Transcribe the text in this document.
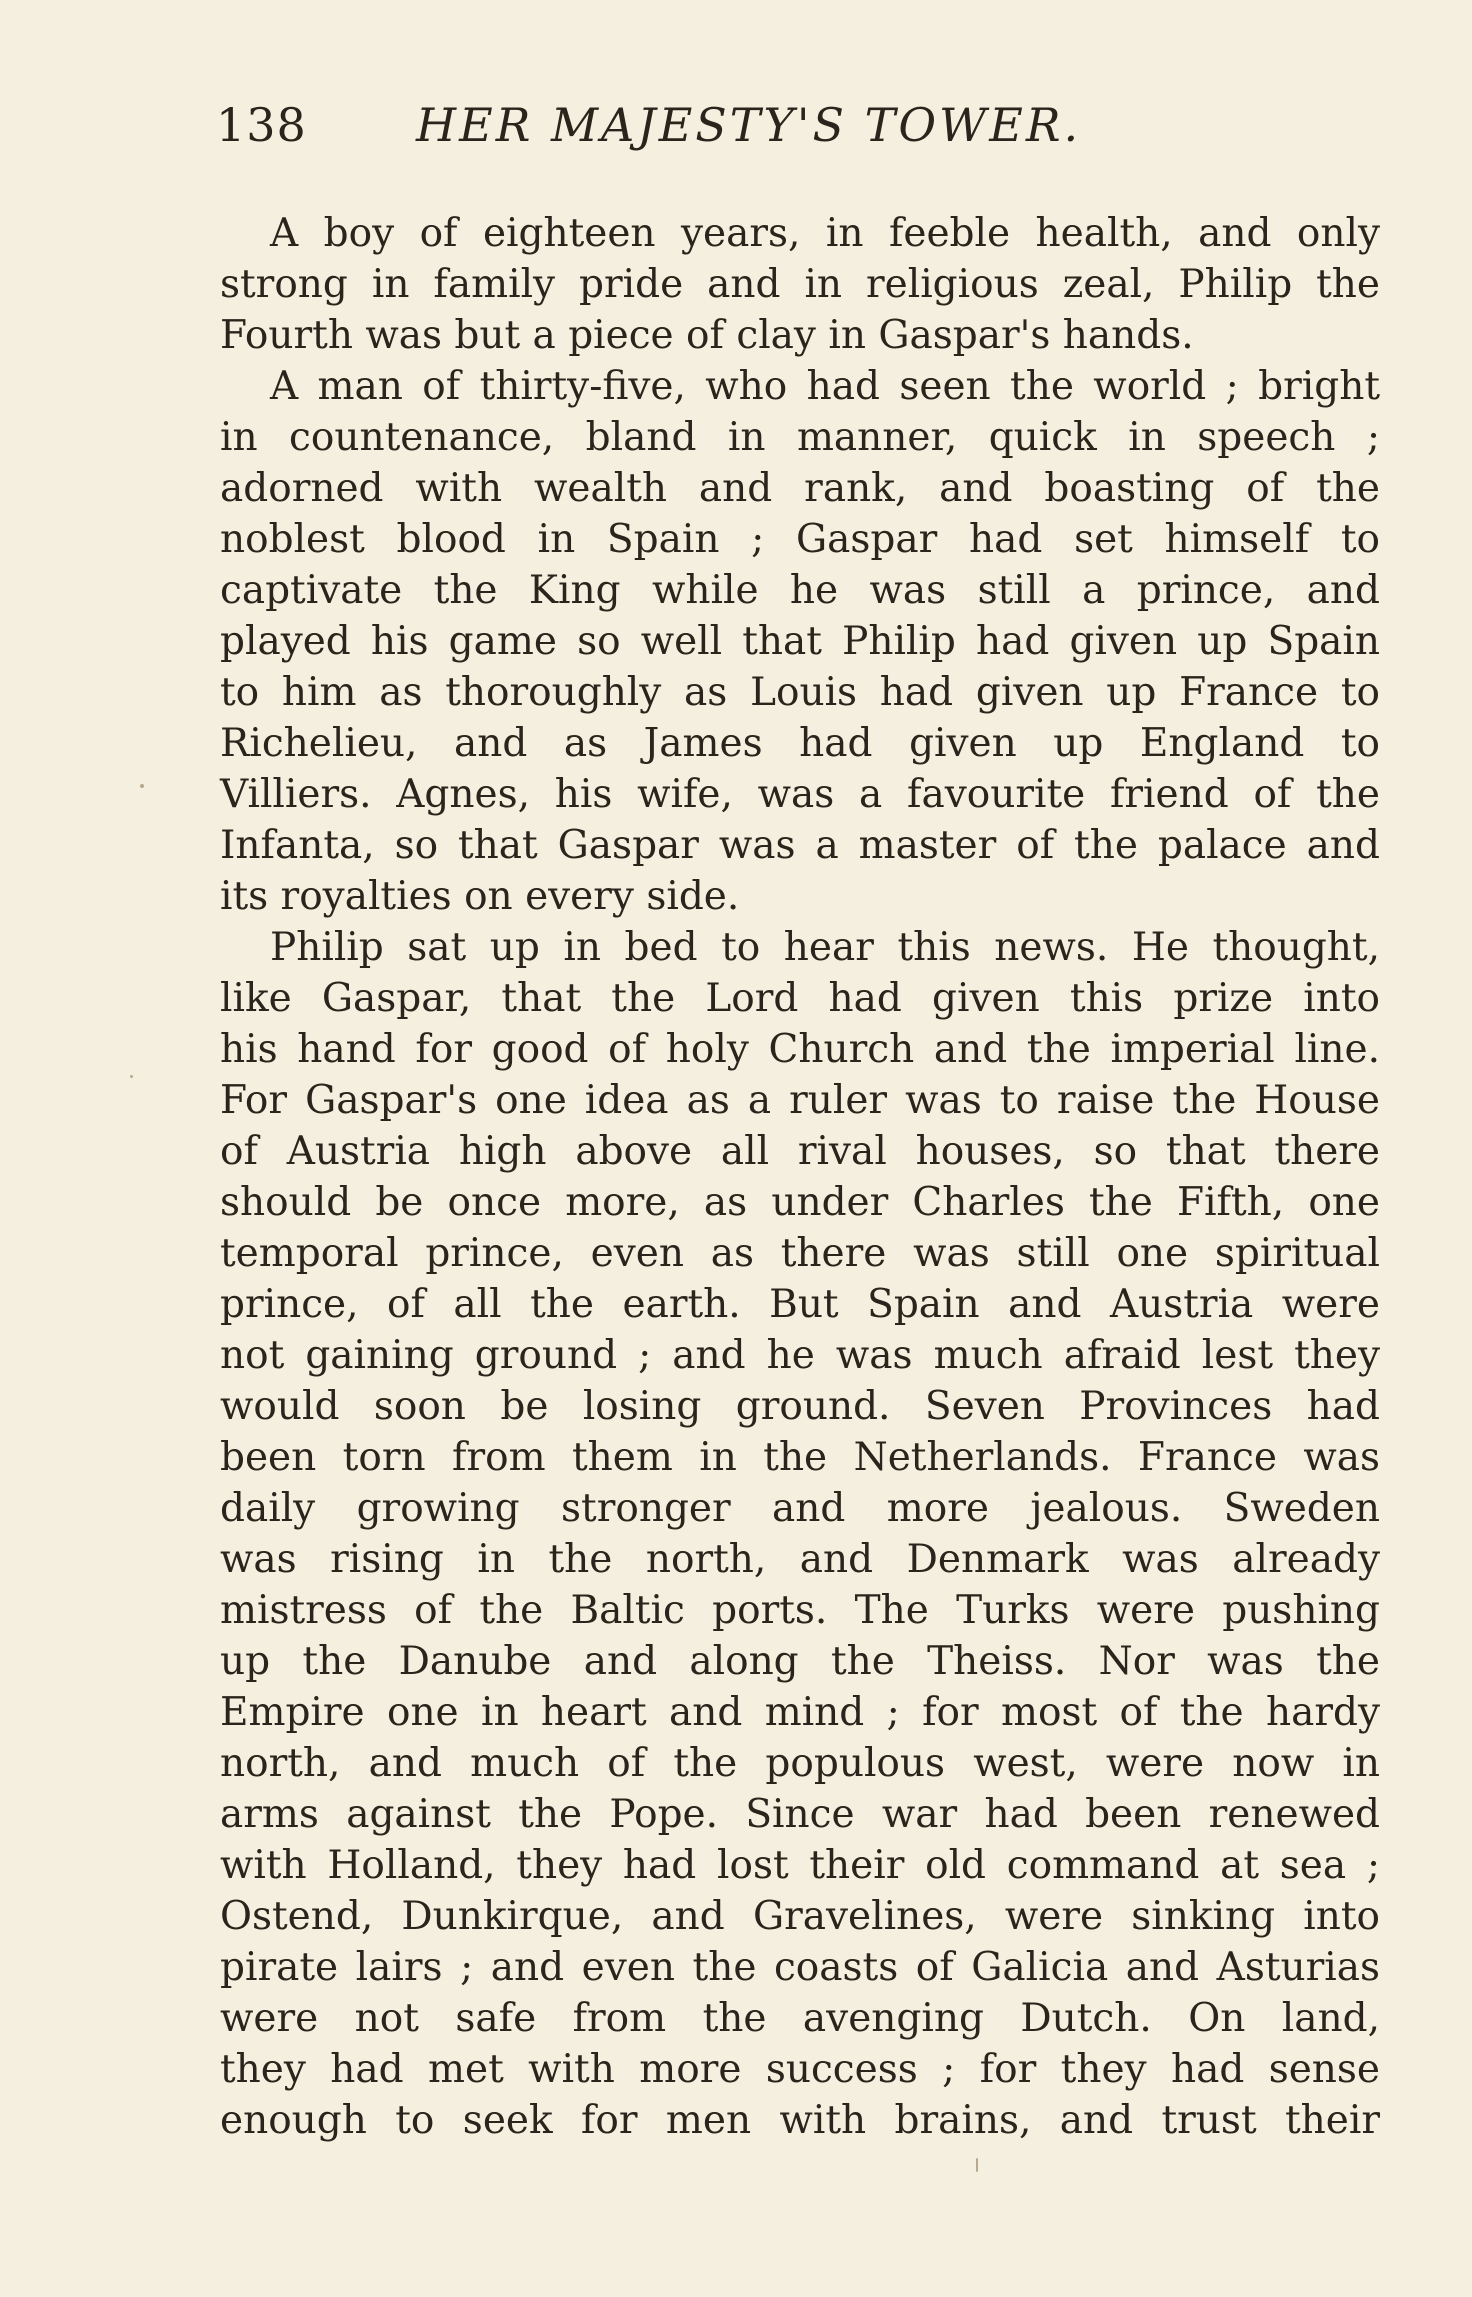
138 HER MAJESTY'S TOWER.
A boy of eighteen years, in feeble health, and only
strong in family pride and in religious zeal, Philip the
Fourth was but a piece of clay in Gaspar's hands.
A man of thirty-five, who had seen the world ; bright
in countenance, bland in manner, quick in speech ;
adorned with wealth and rank, and boasting of the
noblest blood in Spain ; Gaspar had set himself to
captivate the King while he was still a prince, and
played his game so well that Philip had given up Spain
to him as thoroughly as Louis had given up France to
Richelieu, and as James had given up England to
Villiers. Agnes, his wife, was a favourite friend of the
Infanta, so that Gaspar was a master of the palace and
its royalties on every side.
Philip sat up in bed to hear this news. He thought,
like Gaspar, that the Lord had given this prize into
his hand for good of holy Church and the imperial line.
For Gaspar's one idea as a ruler was to raise the House
of Austria high above all rival houses, so that there
should be once more, as under Charles the Fifth, one
temporal prince, even as there was still one spiritual
prince, of all the earth. But Spain and Austria were
not gaining ground ; and he was much afraid lest they
would soon be losing ground. Seven Provinces had
been torn from them in the Netherlands. France was
daily growing stronger and more jealous. Sweden
was rising in the north, and Denmark was already
mistress of the Baltic ports. The Turks were pushing
up the Danube and along the Theiss. Nor was the
Empire one in heart and mind ; for most of the hardy
north, and much of the populous west, were now in
arms against the Pope. Since war had been renewed
with Holland, they had lost their old command at sea ;
Ostend, Dunkirque, and Gravelines, were sinking into
pirate lairs ; and even the coasts of Galicia and Asturias
were not safe from the avenging Dutch. On land,
they had met with more success ; for they had sense
enough to seek for men with brains, and trust their
